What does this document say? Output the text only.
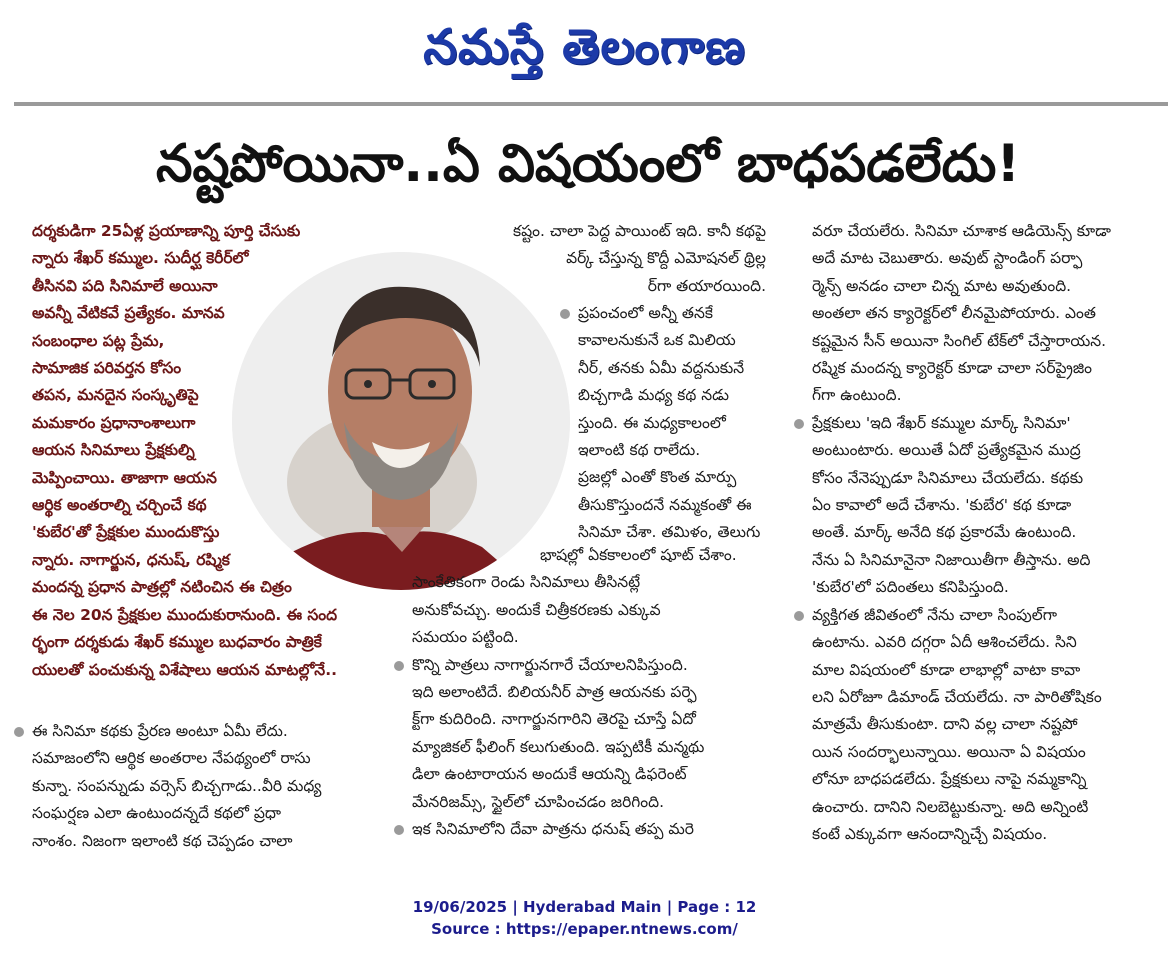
నమస్తే తెలంగాణ
నష్టపోయినా..ఏ విషయంలో బాధపడలేదు!

దర్శకుడిగా 25ఏళ్ల ప్రయాణాన్ని పూర్తి చేసుకు

న్నారు శేఖర్ కమ్ముల. సుదీర్ఘ కెరీర్‌లో

తీసినవి పది సినిమాలే అయినా

అవన్నీ వేటికవే ప్రత్యేకం. మానవ

సంబంధాల పట్ల ప్రేమ,

సామాజిక పరివర్తన కోసం

తపన, మనదైన సంస్కృతిపై

మమకారం ప్రధానాంశాలుగా

ఆయన సినిమాలు ప్రేక్షకుల్ని

మెప్పించాయి. తాజాగా ఆయన

ఆర్థిక అంతరాల్ని చర్చించే కథ

'కుబేర'తో ప్రేక్షకుల ముందుకొస్తు

న్నారు. నాగార్జున, ధనుష్, రష్మిక

మందన్న ప్రధాన పాత్రల్లో నటించిన ఈ చిత్రం

ఈ నెల 20న ప్రేక్షకుల ముందుకురానుంది. ఈ సంద

ర్భంగా దర్శకుడు శేఖర్ కమ్ముల బుధవారం పాత్రికే

యులతో పంచుకున్న విశేషాలు ఆయన మాటల్లోనే..

ఈ సినిమా కథకు ప్రేరణ అంటూ ఏమీ లేదు.

సమాజంలోని ఆర్థిక అంతరాల నేపథ్యంలో రాసు

కున్నా. సంపన్నుడు వర్సెస్ బిచ్చగాడు..వీరి మధ్య

సంఘర్షణ ఎలా ఉంటుందన్నదే కథలో ప్రధా

నాంశం. నిజంగా ఇలాంటి కథ చెప్పడం చాలా

కష్టం. చాలా పెద్ద పాయింట్ ఇది. కానీ కథపై

వర్క్ చేస్తున్న కొద్దీ ఎమోషనల్ థ్రిల్ల

ర్‌గా తయారయింది.

ప్రపంచంలో అన్నీ తనకే

కావాలనుకునే ఒక మిలియ

నీర్, తనకు ఏమీ వద్దనుకునే

బిచ్చగాడి మధ్య కథ నడు

స్తుంది. ఈ మధ్యకాలంలో

ఇలాంటి కథ రాలేదు.

ప్రజల్లో ఎంతో కొంత మార్పు

తీసుకొస్తుందనే నమ్మకంతో ఈ

సినిమా చేశా. తమిళం, తెలుగు

భాషల్లో ఏకకాలంలో షూట్ చేశాం.

సాంకేతికంగా రెండు సినిమాలు తీసినట్లే

అనుకోవచ్చు. అందుకే చిత్రీకరణకు ఎక్కువ

సమయం పట్టింది.

కొన్ని పాత్రలు నాగార్జునగారే చేయాలనిపిస్తుంది.

ఇది అలాంటిదే. బిలియనీర్ పాత్ర ఆయనకు పర్ఫె

క్ట్‌గా కుదిరింది. నాగార్జునగారిని తెరపై చూస్తే ఏదో

మ్యాజికల్ ఫీలింగ్ కలుగుతుంది. ఇప్పటికీ మన్మథు

డిలా ఉంటారాయన అందుకే ఆయన్ని డిఫరెంట్

మేనరిజమ్స్, స్టైల్‌లో చూపించడం జరిగింది.

ఇక సినిమాలోని దేవా పాత్రను ధనుష్ తప్ప మరె

వరూ చేయలేరు. సినిమా చూశాక ఆడియెన్స్ కూడా

అదే మాట చెబుతారు. అవుట్ స్టాండింగ్ పర్ఫా

ర్మెన్స్ అనడం చాలా చిన్న మాట అవుతుంది.

అంతలా తన క్యారెక్టర్‌లో లీనమైపోయారు. ఎంత

కష్టమైన సీన్ అయినా సింగిల్ టేక్‌లో చేస్తారాయన.

రష్మిక మందన్న క్యారెక్టర్ కూడా చాలా సర్‌ప్రైజిం

గ్‌గా ఉంటుంది.

ప్రేక్షకులు 'ఇది శేఖర్ కమ్ముల మార్క్ సినిమా'

అంటుంటారు. అయితే ఏదో ప్రత్యేకమైన ముద్ర

కోసం నేనెప్పుడూ సినిమాలు చేయలేదు. కథకు

ఏం కావాలో అదే చేశాను. 'కుబేర' కథ కూడా

అంతే. మార్క్ అనేది కథ ప్రకారమే ఉంటుంది.

నేను ఏ సినిమానైనా నిజాయితీగా తీస్తాను. అది

'కుబేర'లో పదింతలు కనిపిస్తుంది.

వ్యక్తిగత జీవితంలో నేను చాలా సింపుల్‌గా

ఉంటాను. ఎవరి దగ్గరా ఏదీ ఆశించలేదు. సిని

మాల విషయంలో కూడా లాభాల్లో వాటా కావా

లని ఏరోజూ డిమాండ్ చేయలేదు. నా పారితోషికం

మాత్రమే తీసుకుంటా. దాని వల్ల చాలా నష్టపో

యిన సందర్భాలున్నాయి. అయినా ఏ విషయం

లోనూ బాధపడలేదు. ప్రేక్షకులు నాపై నమ్మకాన్ని

ఉంచారు. దానిని నిలబెట్టుకున్నా. అది అన్నింటి

కంటే ఎక్కువగా ఆనందాన్నిచ్చే విషయం.

19/06/2025 | Hyderabad Main | Page : 12
Source : https://epaper.ntnews.com/
